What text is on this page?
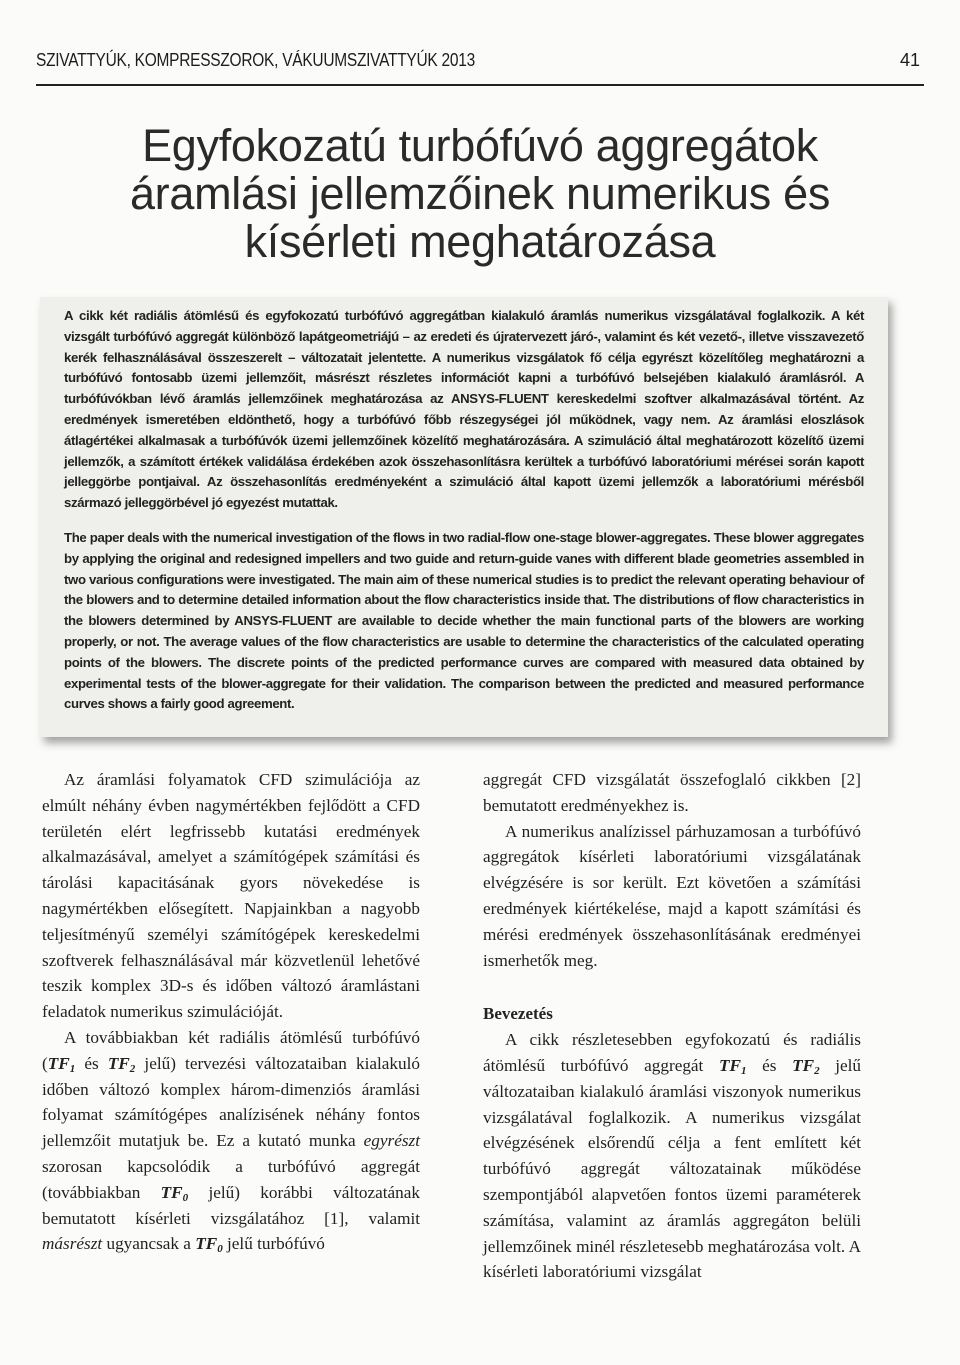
SZIVATTYÚK, KOMPRESSZOROK, VÁKUUMSZIVATTYÚK 2013	41
Egyfokozatú turbófúvó aggregátok
áramlási jellemzőinek numerikus és
kísérleti meghatározása

A cikk két radiális átömlésű és egyfokozatú turbófúvó aggregátban kialakuló áramlás numerikus vizsgálatával foglalkozik. A két vizsgált turbófúvó aggregát különböző lapátgeometriájú – az eredeti és újratervezett járó-, valamint és két vezető-, illetve visszavezető kerék felhasználásával összeszerelt – változatait jelentette. A numerikus vizsgálatok fő célja egyrészt közelítőleg meghatározni a turbófúvó fontosabb üzemi jellemzőit, másrészt részletes információt kapni a turbófúvó belsejében kialakuló áramlásról. A turbófúvókban lévő áramlás jellemzőinek meghatározása az ANSYS-FLUENT kereskedelmi szoftver alkalmazásával történt. Az eredmények ismeretében eldönthető, hogy a turbófúvó főbb részegységei jól működnek, vagy nem. Az áramlási eloszlások átlagértékei alkalmasak a turbófúvók üzemi jellemzőinek közelítő meghatározására. A szimuláció által meghatározott közelítő üzemi jellemzők, a számított értékek validálása érdekében azok összehasonlításra kerültek a turbófúvó laboratóriumi mérései során kapott jelleggörbe pontjaival. Az összehasonlítás eredményeként a szimuláció által kapott üzemi jellemzők a laboratóriumi mérésből származó jelleggörbével jó egyezést mutattak.

The paper deals with the numerical investigation of the flows in two radial-flow one-stage blower-aggregates. These blower aggregates by applying the original and redesigned impellers and two guide and return-guide vanes with different blade geometries assembled in two various configurations were investigated. The main aim of these numerical studies is to predict the relevant operating behaviour of the blowers and to determine detailed information about the flow characteristics inside that. The distributions of flow characteristics in the blowers determined by ANSYS-FLUENT are available to decide whether the main functional parts of the blowers are working properly, or not. The average values of the flow characteristics are usable to determine the characteristics of the calculated operating points of the blowers. The discrete points of the predicted performance curves are compared with measured data obtained by experimental tests of the blower-aggregate for their validation. The comparison between the predicted and measured performance curves shows a fairly good agreement.

Az áramlási folyamatok CFD szimulációja az elmúlt néhány évben nagymértékben fejlődött a CFD területén elért legfrissebb kutatási eredmények alkalmazásával, amelyet a számítógépek számítási és tárolási kapacitásának gyors növekedése is nagymértékben elősegített. Napjainkban a nagyobb teljesítményű személyi számítógépek kereskedelmi szoftverek felhasználásával már közvetlenül lehetővé teszik komplex 3D-s és időben változó áramlástani feladatok numerikus szimulációját.

A továbbiakban két radiális átömlésű turbófúvó ($TF_1$ és $TF_2$ jelű) tervezési változataiban kialakuló időben változó komplex három-dimenziós áramlási folyamat számítógépes analízisének néhány fontos jellemzőit mutatjuk be. Ez a kutató munka egyrészt szorosan kapcsolódik a turbófúvó aggregát (továbbiakban $TF_0$ jelű) korábbi változatának bemutatott kísérleti vizsgálatához [1], valamit másrészt ugyancsak a $TF_0$ jelű turbófúvó

aggregát CFD vizsgálatát összefoglaló cikkben [2] bemutatott eredményekhez is.

A numerikus analízissel párhuzamosan a turbófúvó aggregátok kísérleti laboratóriumi vizsgálatának elvégzésére is sor került. Ezt követően a számítási eredmények kiértékelése, majd a kapott számítási és mérési eredmények összehasonlításának eredményei ismerhetők meg.

Bevezetés

A cikk részletesebben egyfokozatú és radiális átömlésű turbófúvó aggregát $TF_1$ és $TF_2$ jelű változataiban kialakuló áramlási viszonyok numerikus vizsgálatával foglalkozik. A numerikus vizsgálat elvégzésének elsőrendű célja a fent említett két turbófúvó aggregát változatainak működése szempontjából alapvetően fontos üzemi paraméterek számítása, valamint az áramlás aggregáton belüli jellemzőinek minél részletesebb meghatározása volt. A kísérleti laboratóriumi vizsgálat
